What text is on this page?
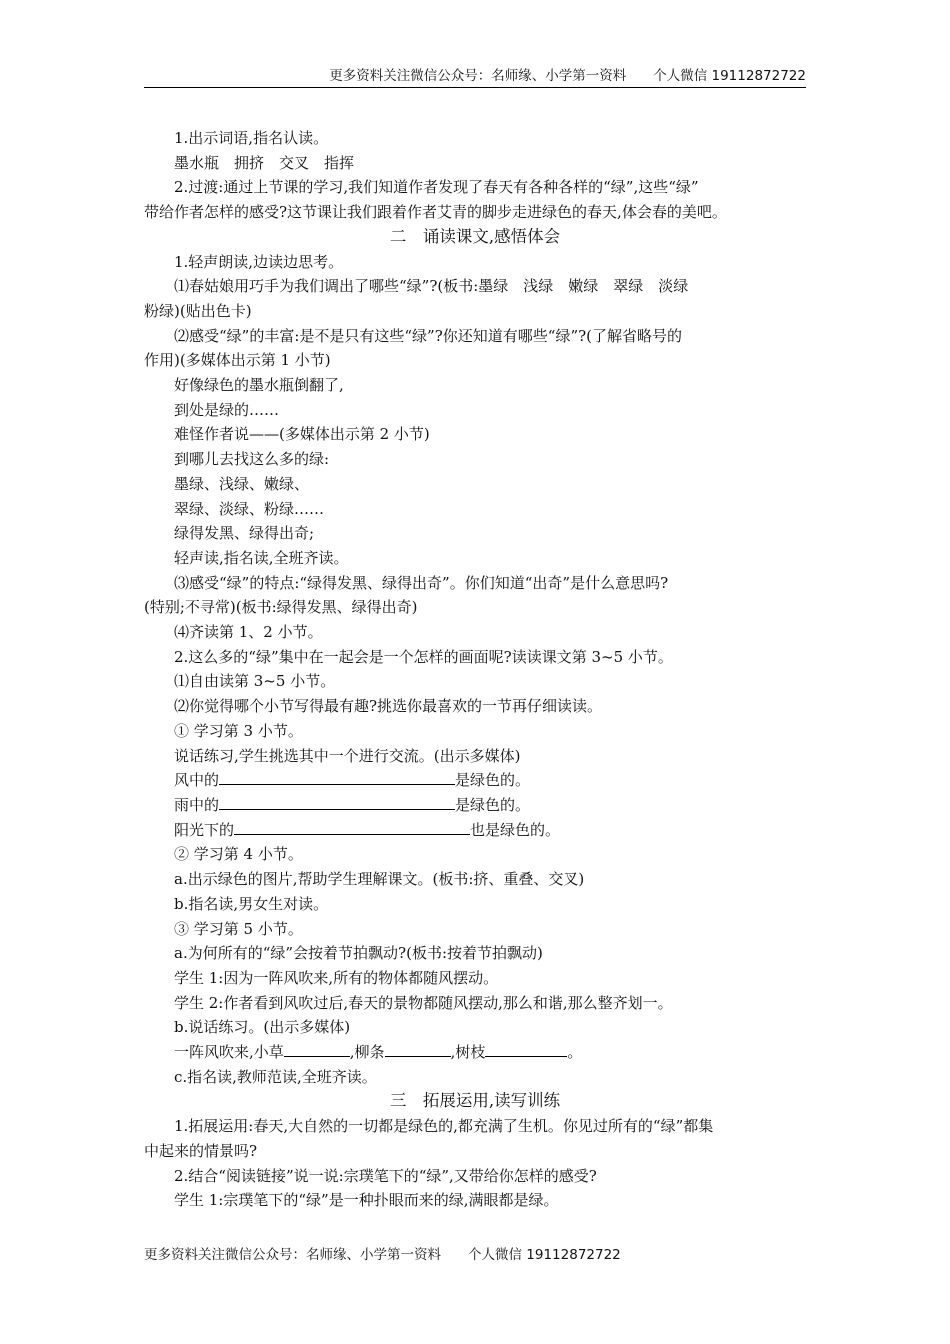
更多资料关注微信公众号：名师缘、小学第一资料　　个人微信 19112872722

1.出示词语,指名认读。

墨水瓶　拥挤　交叉　指挥

2.过渡:通过上节课的学习,我们知道作者发现了春天有各种各样的“绿”,这些“绿”

带给作者怎样的感受?这节课让我们跟着作者艾青的脚步走进绿色的春天,体会春的美吧。

二　诵读课文,感悟体会

1.轻声朗读,边读边思考。

⑴春姑娘用巧手为我们调出了哪些“绿”?(板书:墨绿　浅绿　嫩绿　翠绿　淡绿

粉绿)(贴出色卡)

⑵感受“绿”的丰富:是不是只有这些“绿”?你还知道有哪些“绿”?(了解省略号的

作用)(多媒体出示第 1 小节)

好像绿色的墨水瓶倒翻了,

到处是绿的……

难怪作者说——(多媒体出示第 2 小节)

到哪儿去找这么多的绿:

墨绿、浅绿、嫩绿、

翠绿、淡绿、粉绿……

绿得发黑、绿得出奇;

轻声读,指名读,全班齐读。

⑶感受“绿”的特点:“绿得发黑、绿得出奇”。你们知道“出奇”是什么意思吗?

(特别;不寻常)(板书:绿得发黑、绿得出奇)

⑷齐读第 1、2 小节。

2.这么多的“绿”集中在一起会是一个怎样的画面呢?读读课文第 3~5 小节。

⑴自由读第 3~5 小节。

⑵你觉得哪个小节写得最有趣?挑选你最喜欢的一节再仔细读读。

① 学习第 3 小节。

说话练习,学生挑选其中一个进行交流。(出示多媒体)

风中的	是绿色的。

雨中的	是绿色的。

阳光下的	也是绿色的。

② 学习第 4 小节。

a.出示绿色的图片,帮助学生理解课文。(板书:挤、重叠、交叉)

b.指名读,男女生对读。

③ 学习第 5 小节。

a.为何所有的“绿”会按着节拍飘动?(板书:按着节拍飘动)

学生 1:因为一阵风吹来,所有的物体都随风摆动。

学生 2:作者看到风吹过后,春天的景物都随风摆动,那么和谐,那么整齐划一。

b.说话练习。(出示多媒体)

一阵风吹来,小草	,柳条	,树枝	。

c.指名读,教师范读,全班齐读。

三　拓展运用,读写训练

1.拓展运用:春天,大自然的一切都是绿色的,都充满了生机。你见过所有的“绿”都集

中起来的情景吗?

2.结合“阅读链接”说一说:宗璞笔下的“绿”,又带给你怎样的感受?

学生 1:宗璞笔下的“绿”是一种扑眼而来的绿,满眼都是绿。

更多资料关注微信公众号：名师缘、小学第一资料　　个人微信 19112872722
